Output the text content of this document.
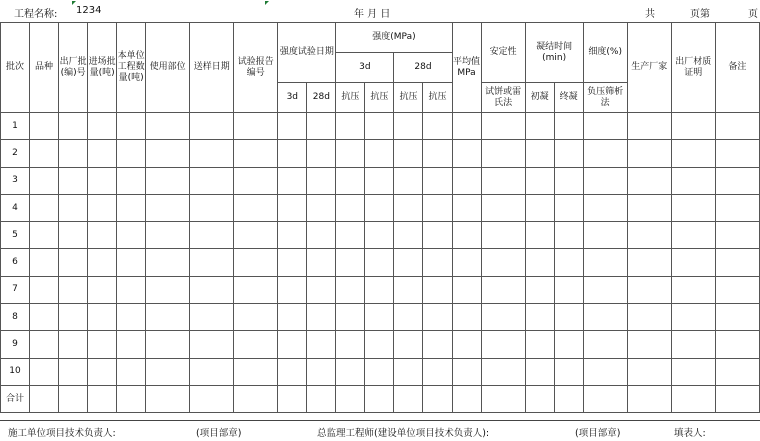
工程名称: 1234	年 月 日	共	页第	页
批次	品种	出厂批(编)号	进场批量(吨)	本单位工程数量(吨)	使用部位	送样日期	试验报告编号	强度试验日期		强度(MPa)				平均值MPa	安定性	凝结时间(min)		细度(%)	生产厂家	出厂材质证明	备注
										3d		28d									
								3d	28d	抗压	抗压	抗压	抗压		试饼或雷氏法	初凝	终凝	负压筛析法			
1																					
2																					
3																					
4																					
5																					
6																					
7																					
8																					
9																					
10																					
合计																					
施工单位项目技术负责人:	(项目部章)	总监理工程师(建设单位项目技术负责人):	(项目部章)	填表人:
